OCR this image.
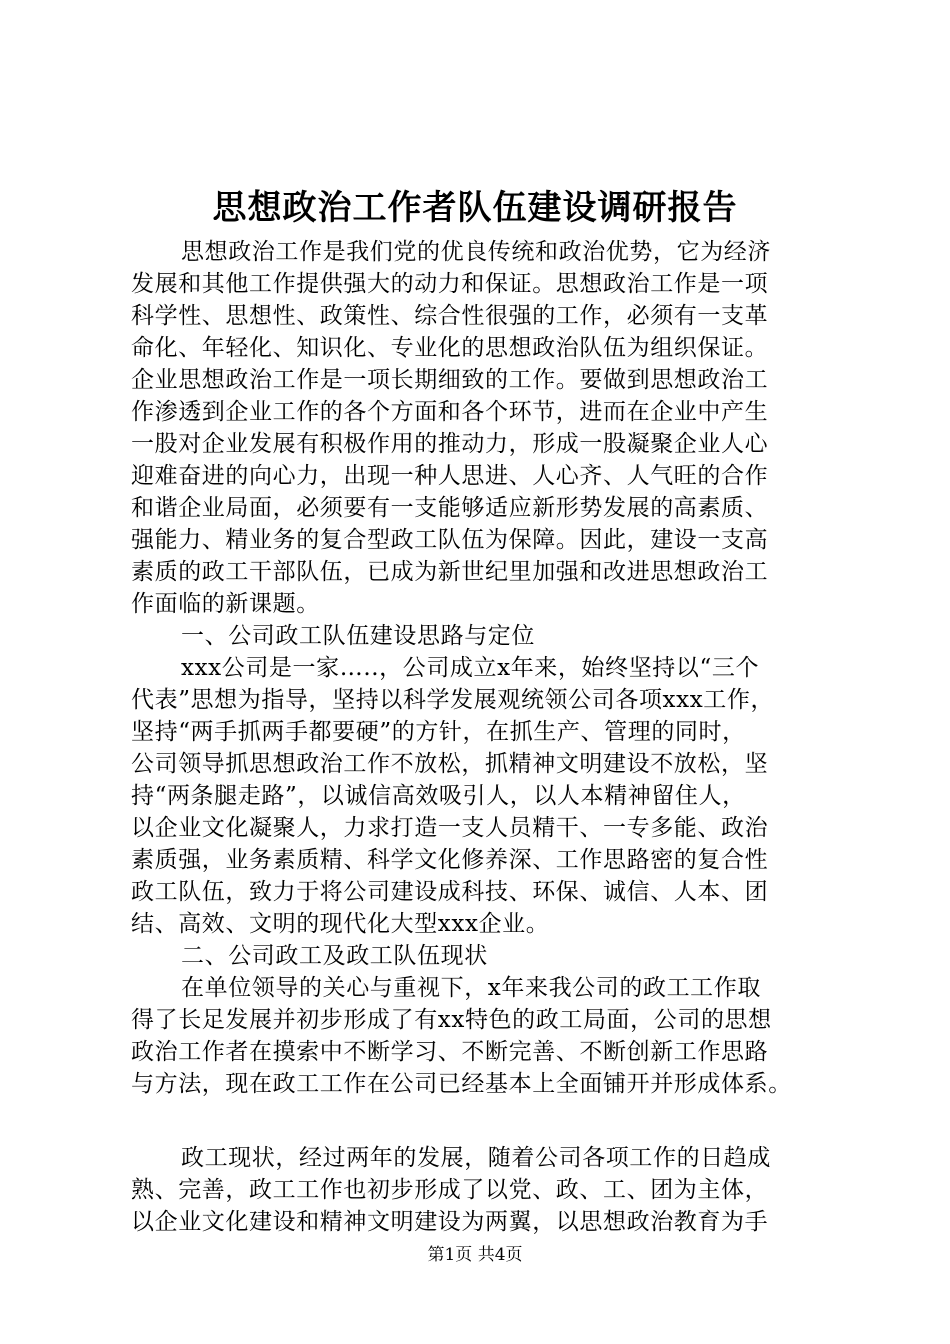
思想政治工作者队伍建设调研报告
思想政治工作是我们党的优良传统和政治优势，它为经济
发展和其他工作提供强大的动力和保证。思想政治工作是一项
科学性、思想性、政策性、综合性很强的工作，必须有一支革
命化、年轻化、知识化、专业化的思想政治队伍为组织保证。
企业思想政治工作是一项长期细致的工作。要做到思想政治工
作渗透到企业工作的各个方面和各个环节，进而在企业中产生
一股对企业发展有积极作用的推动力，形成一股凝聚企业人心
迎难奋进的向心力，出现一种人思进、人心齐、人气旺的合作
和谐企业局面，必须要有一支能够适应新形势发展的高素质、
强能力、精业务的复合型政工队伍为保障。因此，建设一支高
素质的政工干部队伍，已成为新世纪里加强和改进思想政治工
作面临的新课题。
一、公司政工队伍建设思路与定位
xxx公司是一家…..，公司成立x年来，始终坚持以“三个
代表”思想为指导，坚持以科学发展观统领公司各项xxx工作，
坚持“两手抓两手都要硬”的方针，在抓生产、管理的同时，
公司领导抓思想政治工作不放松，抓精神文明建设不放松，坚
持“两条腿走路”，以诚信高效吸引人，以人本精神留住人，
以企业文化凝聚人，力求打造一支人员精干、一专多能、政治
素质强，业务素质精、科学文化修养深、工作思路密的复合性
政工队伍，致力于将公司建设成科技、环保、诚信、人本、团
结、高效、文明的现代化大型xxx企业。
二、公司政工及政工队伍现状
在单位领导的关心与重视下，x年来我公司的政工工作取
得了长足发展并初步形成了有xx特色的政工局面，公司的思想
政治工作者在摸索中不断学习、不断完善、不断创新工作思路
与方法，现在政工工作在公司已经基本上全面铺开并形成体系。
政工现状，经过两年的发展，随着公司各项工作的日趋成
熟、完善，政工工作也初步形成了以党、政、工、团为主体，
以企业文化建设和精神文明建设为两翼，以思想政治教育为手
第1页 共4页
